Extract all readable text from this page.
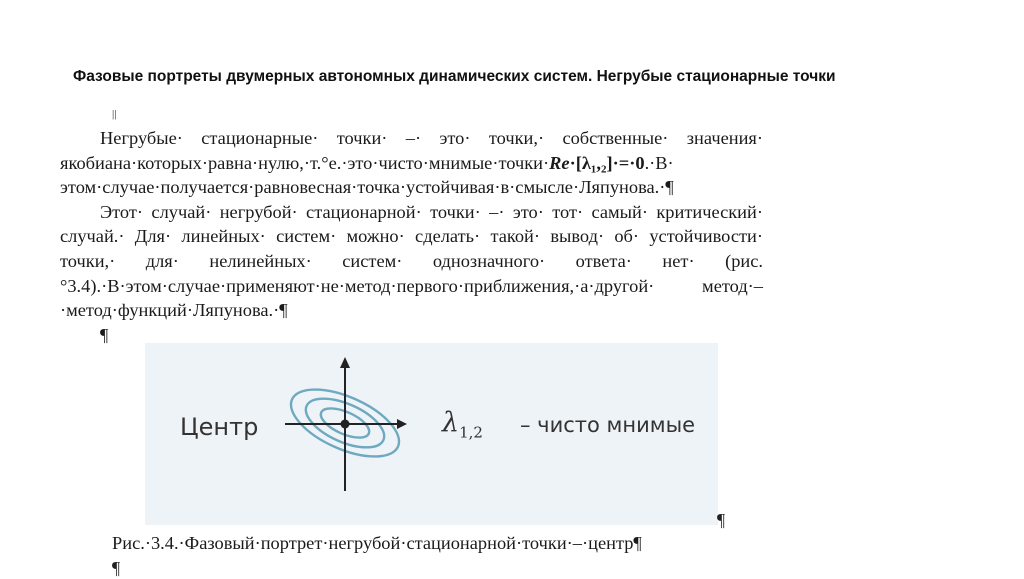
Фазовые портреты двумерных автономных динамических систем. Негрубые стационарные точки
||

Негрубые· стационарные· точки· –· это· точки,· собственные· значения· якобиана·которых·равна·нулю,·т.°е.·это·чисто·мнимые·точки·Re·[λ₁,₂]·=·0.·В· этом·случае·получается·равновесная·точка·устойчивая·в·смысле·Ляпунова.·¶

Этот· случай· негрубой· стационарной· точки· –· это· тот· самый· критический· случай.· Для· линейных· систем· можно· сделать· такой· вывод· об· устойчивости· точки,· для· нелинейных· систем· однозначного· ответа· нет· (рис.°3.4).·В·этом·случае·применяют·не·метод·первого·приближения,·а·другой· метод·–·метод·функций·Ляпунова.·¶

¶

Центр	$\lambda_{1,2}$ – чисто мнимые
¶
Рис.·3.4.·Фазовый·портрет·негрубой·стационарной·точки·–·центр¶
¶
